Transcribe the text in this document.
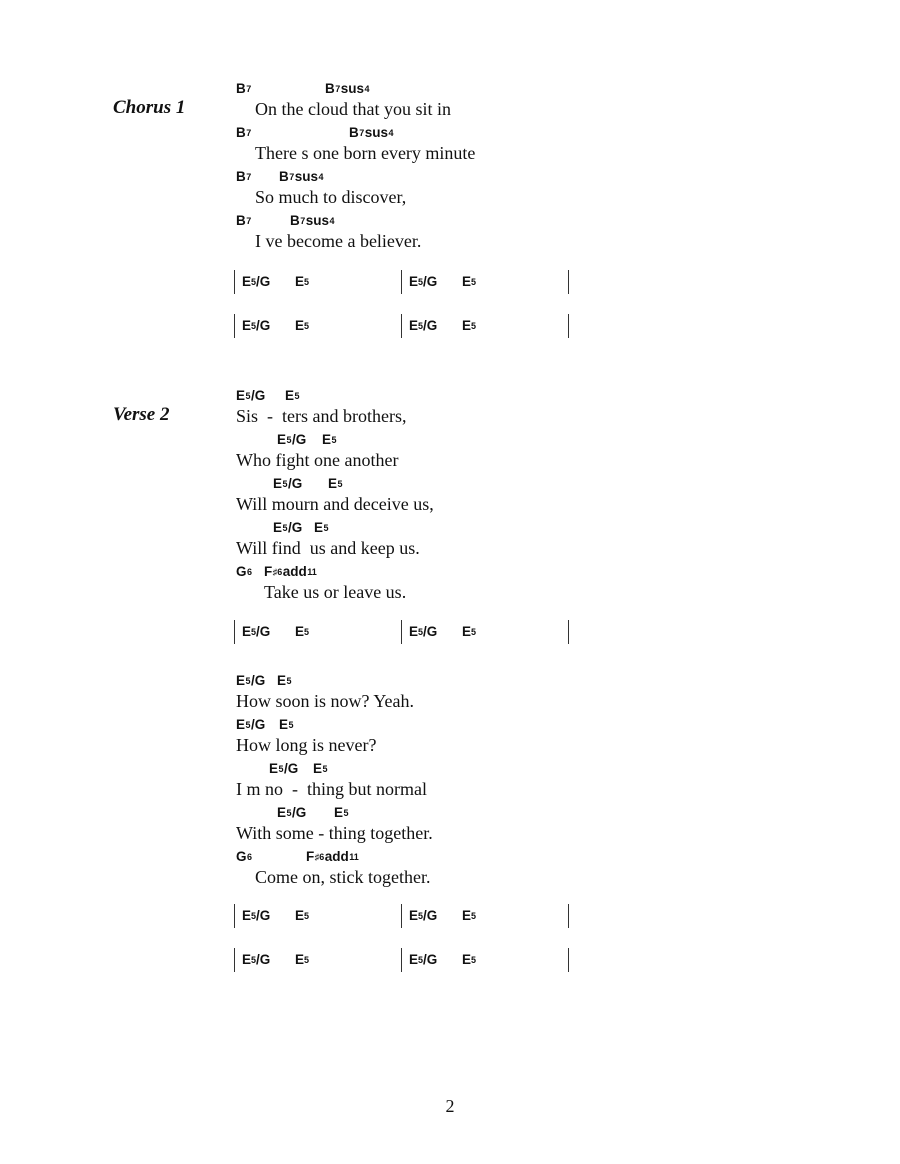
Chorus 1
Verse 2
$B^7$	$B^7sus^4$
On the cloud that you sit in
$B^7$	$B^7sus^4$
There s one born every minute
$B^7$ $B^7sus^4$
So much to discover,
$B^7$	$B^7sus^4$
I ve become a believer.
$E^5/G$ $E^5$	$E^5/G$ $E^5$
$E^5/G$ $E^5$	$E^5/G$ $E^5$
$E^5/G$ $E^5$
Sis  -  ters and brothers,
$E^5/G$ $E^5$
Who fight one another
$E^5/G$ $E^5$
Will mourn and deceive us,
$E^5/G$ $E^5$
Will find  us and keep us.
$G^6$ $F^{♯6}add^{11}$
Take us or leave us.
$E^5/G$ $E^5$	$E^5/G$ $E^5$
$E^5/G$ $E^5$
How soon is now? Yeah.
$E^5/G$ $E^5$
How long is never?
$E^5/G$ $E^5$
I m no  -  thing but normal
$E^5/G$ $E^5$
With some - thing together.
$G^6$	$F^{♯6}add^{11}$
Come on, stick together.
$E^5/G$ $E^5$	$E^5/G$ $E^5$
$E^5/G$ $E^5$	$E^5/G$ $E^5$
2
